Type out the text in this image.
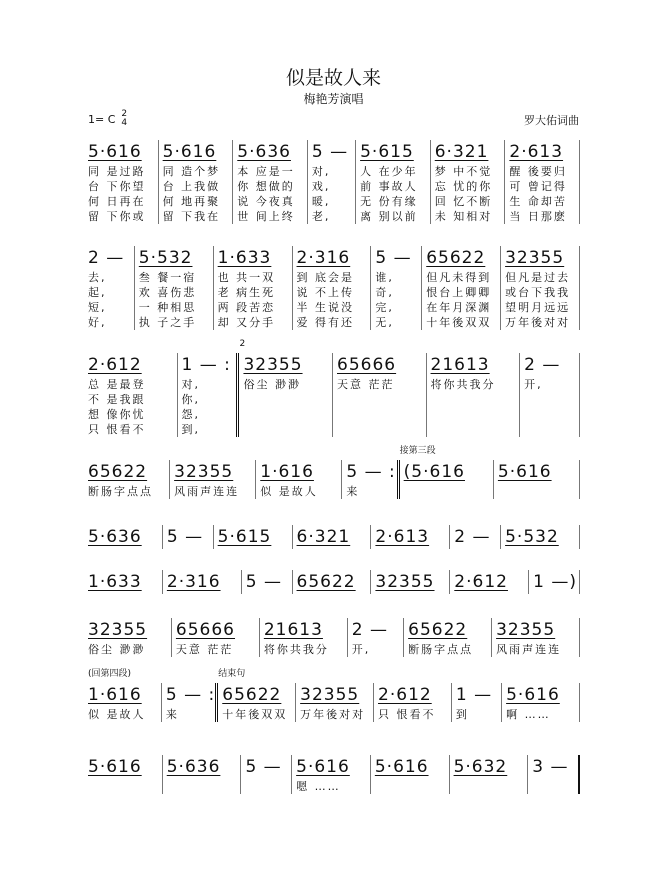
似是故人来
梅艳芳演唱
1= C 2
4	罗大佑词曲
5·616
同 是过路
台 下你望
何 日再在
留 下你或
5·616
同 造个梦
台 上我做
何 地再聚
留 下我在
5·636
本 应是一
你 想做的
说 今夜真
世 间上终
5 —
对,
戏,
暖,
老,
5·615
人 在少年
前 事故人
无 份有缘
离 别以前
6·321
梦 中不觉
忘 忧的你
回 忆不断
未 知相对
2·613
醒 後要归
可 曾记得
生 命却苦
当 日那麽
2 —
去,
起,
短,
好,
5·532
叁 餐一宿
欢 喜伤悲
一 种相思
执 子之手
1·633
也 共一双
老 病生死
两 段苦恋
却 又分手
2·316
到 底会是
说 不上传
半 生说没
爱 得有还
5 —
谁,
奇,
完,
无,
65622
但凡未得到
恨台上卿卿
在年月深渊
十年後双双
32355
但凡是过去
或台下我我
望明月远远
万年後对对
2·612
总 是最登
不 是我跟
想 像你忧
只 恨看不
1 — :
对,
你,
怨,
到,
2
32355
俗尘 渺渺
65666
天意 茫茫
21613
将你共我分
2 —
开,
65622
断肠字点点
32355
风雨声连连
1·616
似 是故人
5 — :
来
接第三段
(5·616	5·616
5·636	5 — 5·615	6·321	2·613	2 — 5·532
1·633	2·316	5 — 65622	32355	2·612	1 —)
32355
俗尘 渺渺
65666
天意 茫茫
21613
将你共我分
2 —
开,
65622
断肠字点点
32355
风雨声连连
(回第四段)
1·616
似 是故人
5 — :
来
结束句
65622
十年後双双
32355
万年後对对
2·612
只 恨看不
1 —
到
5·616
啊 ……
5·616	5·636	5 — 5·616
嗯 ……
5·616	5·632	3 —
